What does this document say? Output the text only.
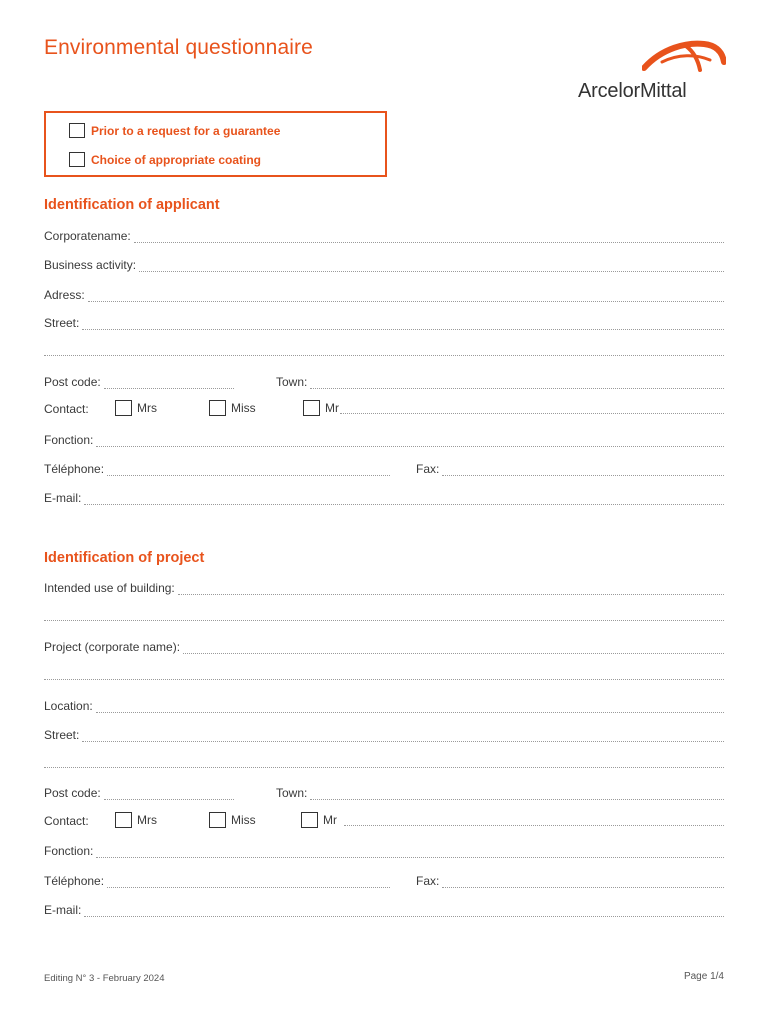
Environmental questionnaire
ArcelorMittal
Prior to a request for a guarantee
Choice of appropriate coating
Identification of applicant
Corporatename:
Business activity:
Adress:
Street:
Post code:	Town:
Contact:	Mrs	Miss	Mr
Fonction:
Téléphone:	Fax:
E-mail:
Identification of project
Intended use of building:
Project (corporate name):
Location:
Street:
Post code:	Town:
Contact:	Mrs	Miss	Mr
Fonction:
Téléphone:	Fax:
E-mail:
Editing N° 3 - February 2024	Page 1/4
